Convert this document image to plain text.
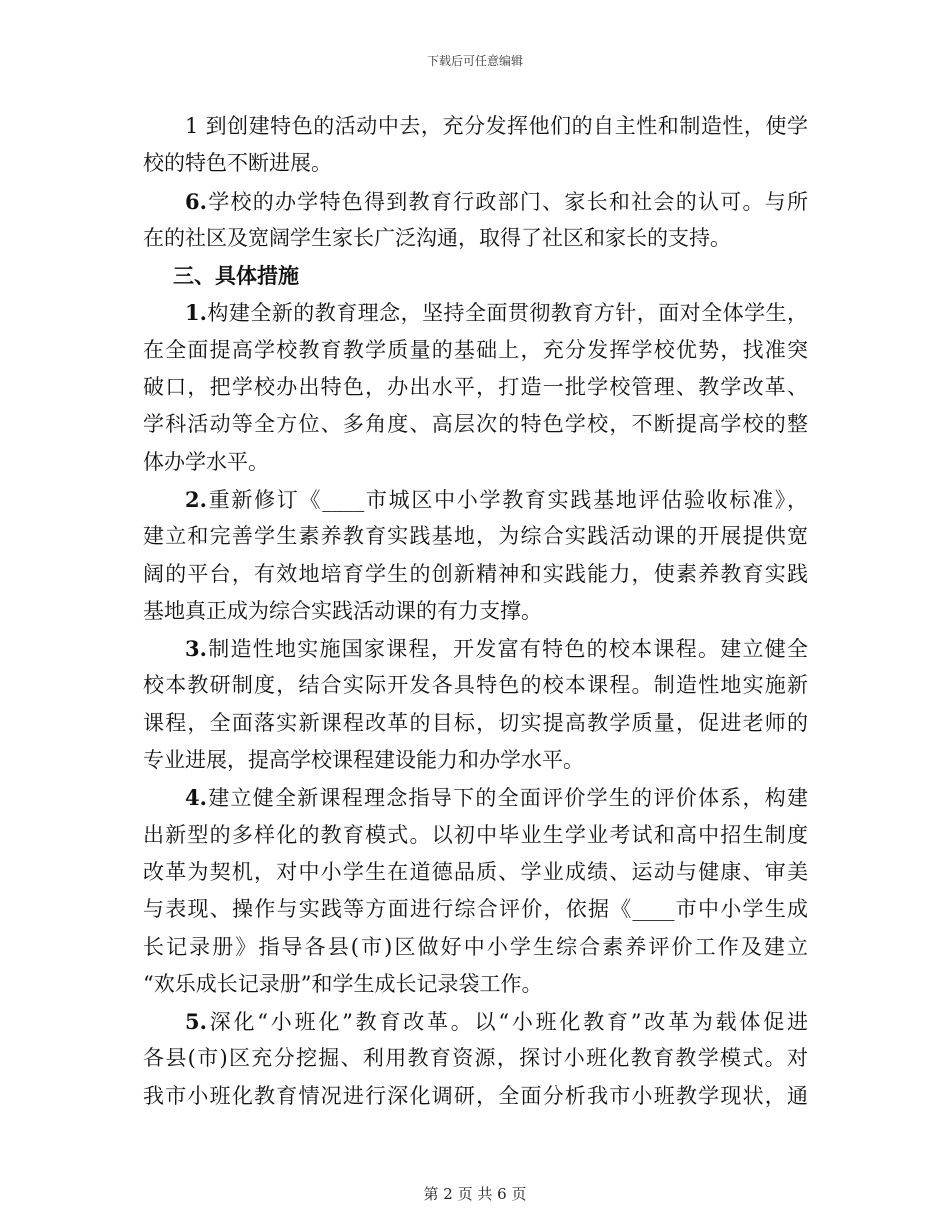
下载后可任意编辑
1 到创建特色的活动中去，充分发挥他们的自主性和制造性，使学
校的特色不断进展。
6.学校的办学特色得到教育行政部门、家长和社会的认可。与所
在的社区及宽阔学生家长广泛沟通，取得了社区和家长的支持。
三、具体措施
1.构建全新的教育理念，坚持全面贯彻教育方针，面对全体学生，
在全面提高学校教育教学质量的基础上，充分发挥学校优势，找准突
破口，把学校办出特色，办出水平，打造一批学校管理、教学改革、
学科活动等全方位、多角度、高层次的特色学校，不断提高学校的整
体办学水平。
2.重新修订《____市城区中小学教育实践基地评估验收标准》，
建立和完善学生素养教育实践基地，为综合实践活动课的开展提供宽
阔的平台，有效地培育学生的创新精神和实践能力，使素养教育实践
基地真正成为综合实践活动课的有力支撑。
3.制造性地实施国家课程，开发富有特色的校本课程。建立健全
校本教研制度，结合实际开发各具特色的校本课程。制造性地实施新
课程，全面落实新课程改革的目标，切实提高教学质量，促进老师的
专业进展，提高学校课程建设能力和办学水平。
4.建立健全新课程理念指导下的全面评价学生的评价体系，构建
出新型的多样化的教育模式。以初中毕业生学业考试和高中招生制度
改革为契机，对中小学生在道德品质、学业成绩、运动与健康、审美
与表现、操作与实践等方面进行综合评价，依据《____市中小学生成
长记录册》指导各县(市)区做好中小学生综合素养评价工作及建立
“欢乐成长记录册”和学生成长记录袋工作。
5.深化“小班化”教育改革。以“小班化教育”改革为载体促进
各县(市)区充分挖掘、利用教育资源，探讨小班化教育教学模式。对
我市小班化教育情况进行深化调研，全面分析我市小班教学现状，通
第 2 页 共 6 页
